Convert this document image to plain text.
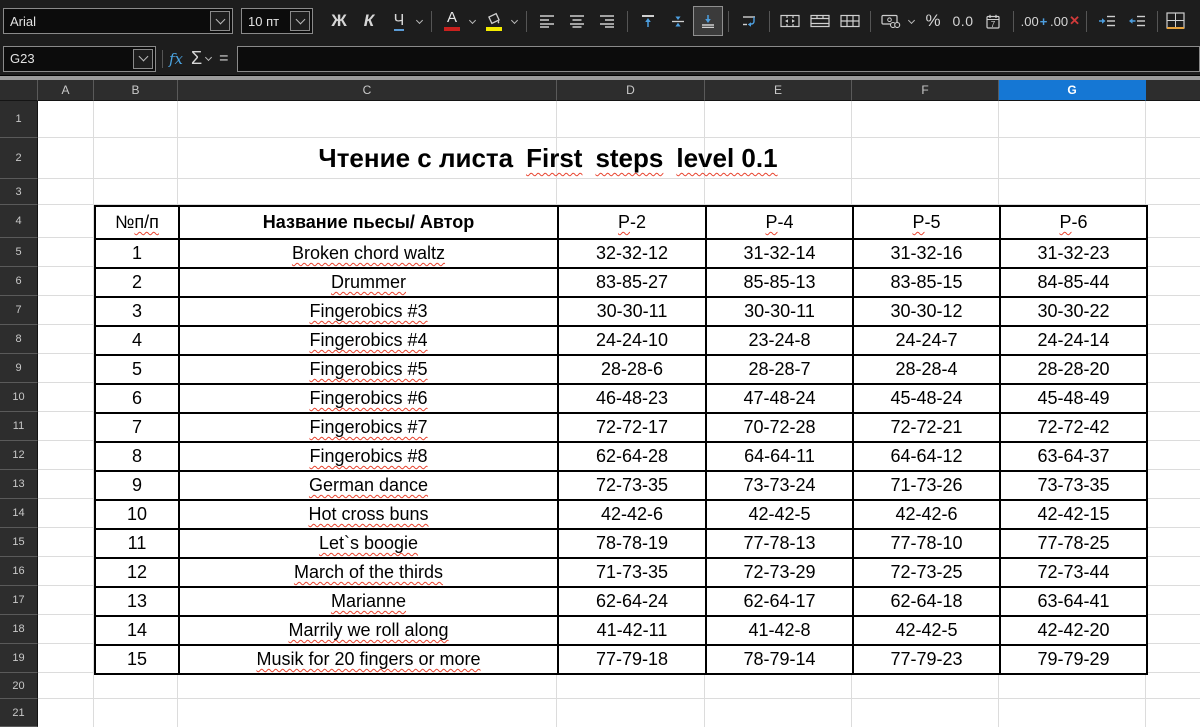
Arial	10 пт	Ж К Ч	A	% 0.0 7 .00 + .00 ✕
G23	fx Σ =
A	B	C	D	E	F	G
1
2
3
4
5
6
7
8
9
10
11
12
13
14
15
16
17
18
19
20
21
Чтение с листа First steps level 0.1
№п/п	Название пьесы/ Автор	P-2	P-4	P-5	P-6
1	Broken chord waltz	32-32-12	31-32-14	31-32-16	31-32-23
2	Drummer	83-85-27	85-85-13	83-85-15	84-85-44
3	Fingerobics #3	30-30-11	30-30-11	30-30-12	30-30-22
4	Fingerobics #4	24-24-10	23-24-8	24-24-7	24-24-14
5	Fingerobics #5	28-28-6	28-28-7	28-28-4	28-28-20
6	Fingerobics #6	46-48-23	47-48-24	45-48-24	45-48-49
7	Fingerobics #7	72-72-17	70-72-28	72-72-21	72-72-42
8	Fingerobics #8	62-64-28	64-64-11	64-64-12	63-64-37
9	German dance	72-73-35	73-73-24	71-73-26	73-73-35
10	Hot cross buns	42-42-6	42-42-5	42-42-6	42-42-15
11	Let`s boogie	78-78-19	77-78-13	77-78-10	77-78-25
12	March of the thirds	71-73-35	72-73-29	72-73-25	72-73-44
13	Marianne	62-64-24	62-64-17	62-64-18	63-64-41
14	Marrily we roll along	41-42-11	41-42-8	42-42-5	42-42-20
15	Musik for 20 fingers or more	77-79-18	78-79-14	77-79-23	79-79-29
